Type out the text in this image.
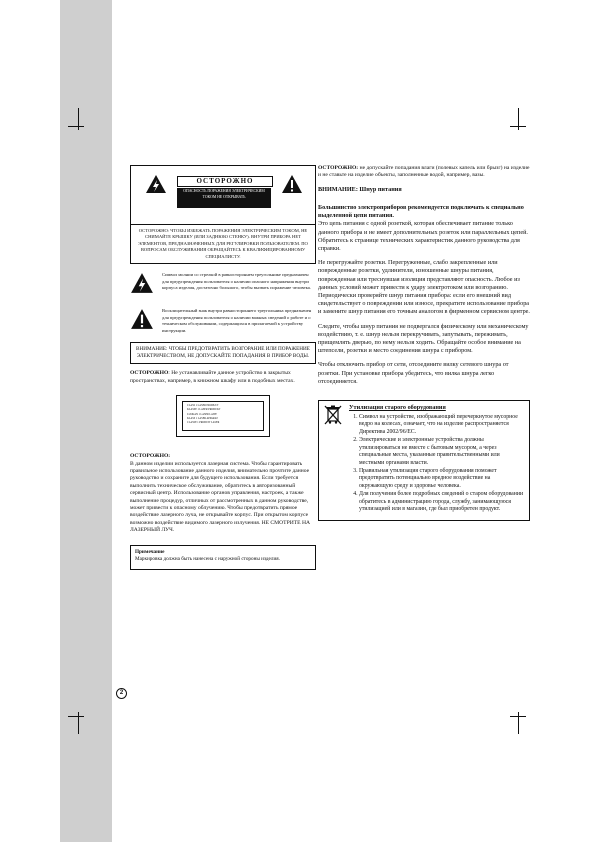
ОСТОРОЖНО
ОПАСНОСТЬ ПОРАЖЕНИЯ ЭЛЕКТРИЧЕСКИМ ТОКОМ НЕ ОТКРЫВАТЬ
ОСТОРОЖНО: ЧТОБЫ ИЗБЕЖАТЬ ПОРАЖЕНИЯ ЭЛЕКТРИЧЕСКИМ ТОКОМ, НЕ СНИМАЙТЕ КРЫШКУ (ИЛИ ЗАДНЮЮ СТЕНКУ). ВНУТРИ ПРИБОРА НЕТ ЭЛЕМЕНТОВ, ПРЕДНАЗНАЧЕННЫХ ДЛЯ РЕГУЛИРОВКИ ПОЛЬЗОВАТЕЛЕМ. ПО ВОПРОСАМ ОБСЛУЖИВАНИЯ ОБРАЩАЙТЕСЬ К КВАЛИФИЦИРОВАННОМУ СПЕЦИАЛИСТУ.

Символ молнии со стрелкой в равностороннем треугольнике предназначен для предупреждения пользователя о наличии опасного напряжения внутри корпуса изделия, достаточно большого, чтобы вызвать поражение человека.

Восклицательный знак внутри равностороннего треугольника предназначен для предупреждения пользователя о наличии важных сведений о работе и о техническом обслуживании, содержащихся в прилагаемой к устройству инструкции.

ВНИМАНИЕ: ЧТОБЫ ПРЕДОТВРАТИТЬ ВОЗГОРАНИЕ ИЛИ ПОРАЖЕНИЕ ЭЛЕКТРИЧЕСТВОМ, НЕ ДОПУСКАЙТЕ ПОПАДАНИЯ В ПРИБОР ВОДЫ.

ОСТОРОЖНО: Не устанавливайте данное устройство в закрытых пространствах, например, в книжном шкафу или в подобных местах.

CLASS 1 LASER PRODUCT
KLASSE 1 LASER PRODUKT
LUOKAN 1 LASER LAITE
KLASS 1 LASER APPARAT
CLASSE 1 PRODUIT LASER

ОСТОРОЖНО:

В данном изделии используется лазерная система. Чтобы гарантировать правильное использование данного изделия, внимательно прочтите данное руководство и сохраните для будущего использования. Если требуется выполнить техническое обслуживание, обратитесь в авторизованный сервисный центр. Использование органов управления, настроек, а также выполнение процедур, отличных от рассмотренных в данном руководстве, может привести к опасному облучению. Чтобы предотвратить прямое воздействие лазерного луча, не открывайте корпус. При открытом корпусе возможно воздействие видимого лазерного излучения. НЕ СМОТРИТЕ НА ЛАЗЕРНЫЙ ЛУЧ.

Примечание
Маркировка должна быть нанесена с наружной стороны изделия.

ОСТОРОЖНО: не допускайте попадания влаги (полевых капель или брызг) на изделие и не ставьте на изделие объекты, заполненные водой, например, вазы.

ВНИМАНИЕ: Шнур питания

Большинство электроприборов рекомендуется подключать к специально выделенной цепи питания.

Это цепь питания с одной розеткой, которая обеспечивает питание только данного прибора и не имеет дополнительных розеток или параллельных цепей. Обратитесь к странице технических характеристик данного руководства для справки.

Не перегружайте розетки. Перегруженные, слабо закрепленные или поврежденные розетки, удлинители, изношенные шнуры питания, поврежденная или треснувшая изоляция представляют опасность. Любое из данных условий может привести к удару электротоком или возгоранию. Периодически проверяйте шнур питания прибора: если его внешний вид свидетельствует о повреждении или износе, прекратите использование прибора и замените шнур питания его точным аналогом в фирменном сервисном центре.

Следите, чтобы шнур питания не подвергался физическому или механическому воздействию, т. е. шнур нельзя перекручивать, запутывать, пережимать, прищемлять дверью, по нему нельзя ходить. Обращайте особое внимание на штепсели, розетки и место соединения шнура с прибором.

Чтобы отключить прибор от сети, отсоедините вилку сетевого шнура от розетки. При установке прибора убедитесь, что вилка шнура легко отсоединяется.

Утилизация старого оборудования
1. Символ на устройстве, изображающий перечеркнутое мусорное ведро на колесах, означает, что на изделие распространяется Директива 2002/96/EC.
2. Электрические и электронные устройства должны утилизироваться не вместе с бытовым мусором, а через специальные места, указанные правительственными или местными органами власти.
3. Правильная утилизация старого оборудования поможет предотвратить потенциально вредное воздействие на окружающую среду и здоровье человека.
4. Для получения более подробных сведений о старом оборудовании обратитесь в администрацию города, службу, занимающуюся утилизацией или в магазин, где был приобретен продукт.
2
